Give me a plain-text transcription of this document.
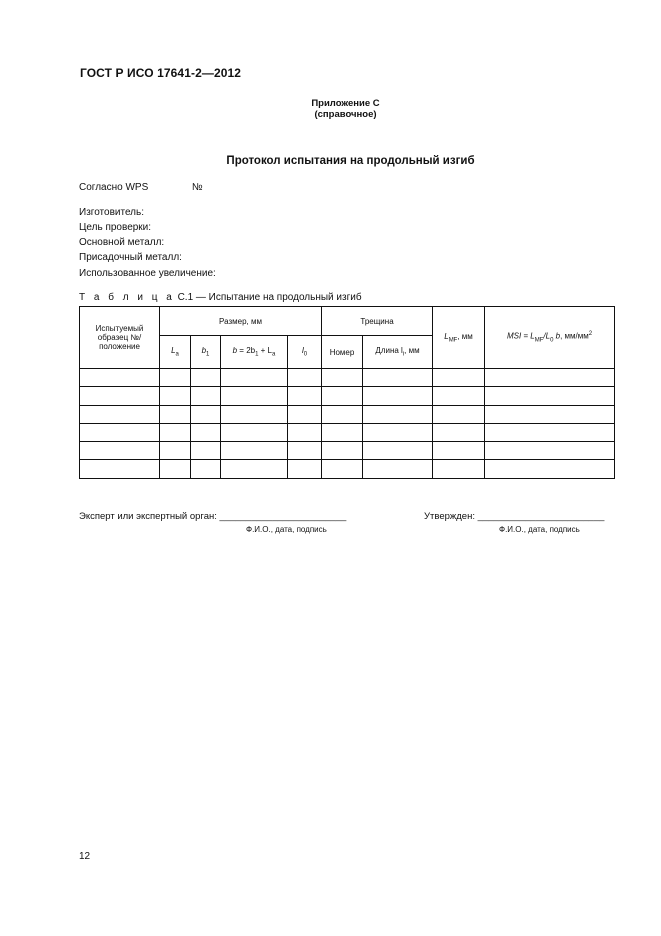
ГОСТ Р ИСО 17641-2—2012
Приложение С
(справочное)
Протокол испытания на продольный изгиб
Согласно WPS	№
Изготовитель:
Цель проверки:
Основной металл:
Присадочный металл:
Использованное увеличение:
Т а б л и ц а С.1 — Испытание на продольный изгиб
Испытуемый образец №/положение	Размер, мм				Трещина		$L_{MF}$, мм	MSI = $L_{MF}/L_0$ b, $мм/мм^2$
	$L_a$	$b_1$	$b = 2b_1 + L_a$	$l_0$	Номер	Длина $l_i$, мм		

Эксперт или экспертный орган: ________________________
Ф.И.О., дата, подпись
Утвержден: ________________________
Ф.И.О., дата, подпись
12
